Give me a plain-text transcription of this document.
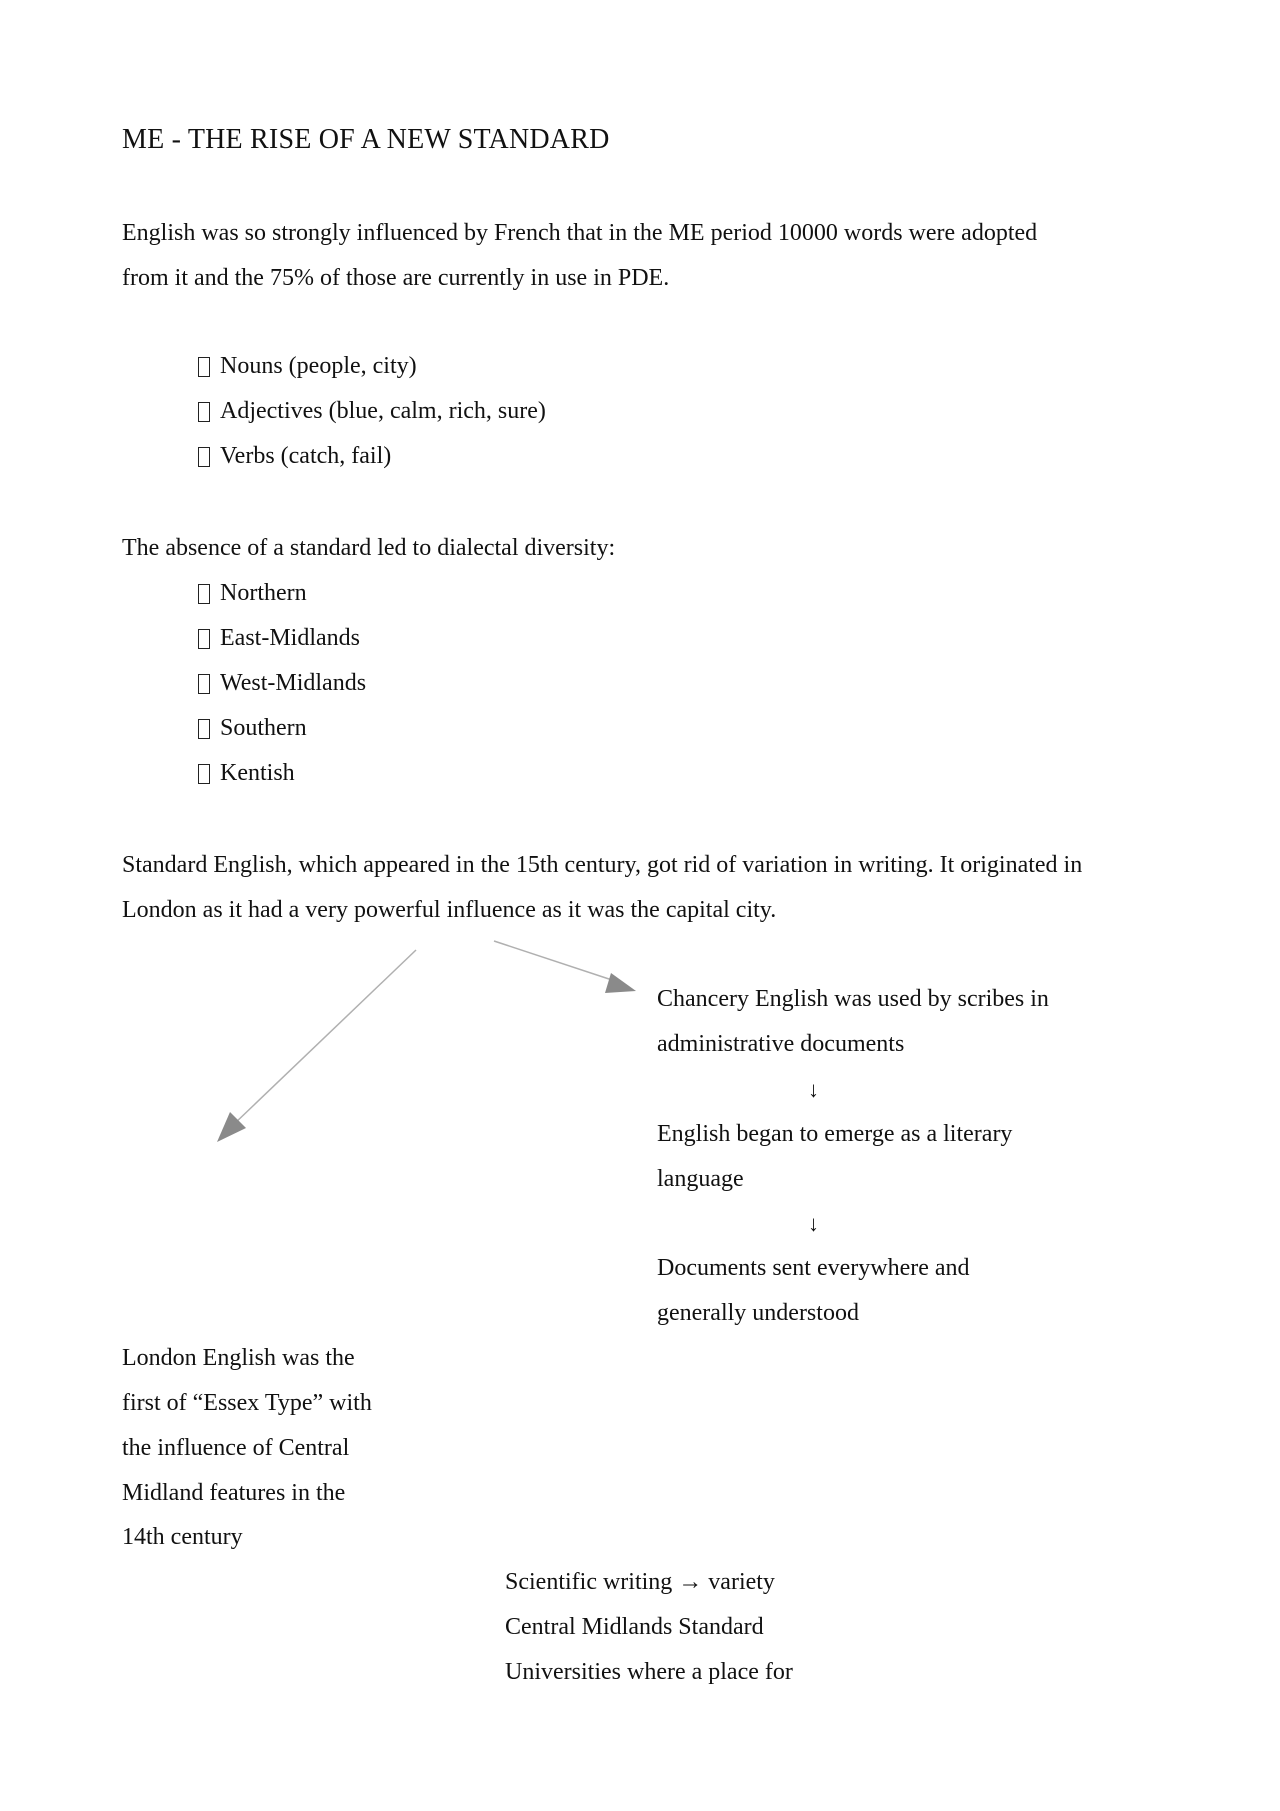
ME - THE RISE OF A NEW STANDARD
English was so strongly influenced by French that in the ME period 10000 words were adopted
from it and the 75% of those are currently in use in PDE.
Nouns (people, city)
Adjectives (blue, calm, rich, sure)
Verbs (catch, fail)
The absence of a standard led to dialectal diversity:
Northern
East-Midlands
West-Midlands
Southern
Kentish
Standard English, which appeared in the 15th century, got rid of variation in writing. It originated in
London as it had a very powerful influence as it was the capital city.
Chancery English was used by scribes in
administrative documents
↓
English began to emerge as a literary
language
↓
Documents sent everywhere and
generally understood
London English was the
first of “Essex Type” with
the influence of Central
Midland features in the
14th century
Scientific writing → variety
Central Midlands Standard
Universities where a place for
